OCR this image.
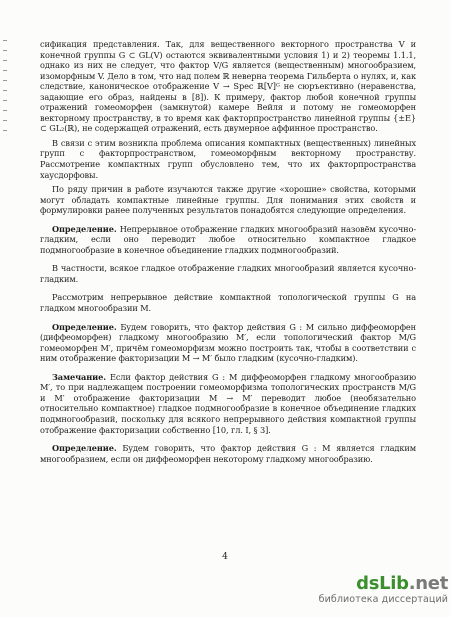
сификация представления. Так, для вещественного векторного пространства V и конечной группы G ⊂ GL(V) остаются эквивалентными условия 1) и 2) теоремы 1.1.1, однако из них не следует, что фактор V/G является (вещественным) многообразием, изоморфным V. Дело в том, что над полем ℝ неверна теорема Гильберта о нулях, и, как следствие, каноническое отображение V → Spec ℝ[V]ᴳ не сюръективно (неравенства, задающие его образ, найдены в [8]). К примеру, фактор любой конечной группы отражений гомеоморфен (замкнутой) камере Вейля и потому не гомеоморфен векторному пространству, в то время как факторпространство линейной группы {±E} ⊂ GL₂(ℝ), не содержащей отражений, есть двумерное аффинное пространство.

В связи с этим возникла проблема описания компактных (вещественных) линейных групп с факторпространством, гомеоморфным векторному пространству. Рассмотрение компактных групп обусловлено тем, что их факторпространства хаусдорфовы.

По ряду причин в работе изучаются также другие «хорошие» свойства, которыми могут обладать компактные линейные группы. Для понимания этих свойств и формулировки ранее полученных результатов понадобятся следующие определения.

Определение. Непрерывное отображение гладких многообразий назовём кусочно-гладким, если оно переводит любое относительно компактное гладкое подмногообразие в конечное объединение гладких подмногообразий.

В частности, всякое гладкое отображение гладких многообразий является кусочно-гладким.

Рассмотрим непрерывное действие компактной топологической группы G на гладком многообразии M.

Определение. Будем говорить, что фактор действия G : M сильно диффеоморфен (диффеоморфен) гладкому многообразию M′, если топологический фактор M/G гомеоморфен M′, причём гомеоморфизм можно построить так, чтобы в соответствии с ним отображение факторизации M → M′ было гладким (кусочно-гладким).

Замечание. Если фактор действия G : M диффеоморфен гладкому многообразию M′, то при надлежащем построении гомеоморфизма топологических пространств M/G и M′ отображение факторизации M → M′ переводит любое (необязательно относительно компактное) гладкое подмногообразие в конечное объединение гладких подмногообразий, поскольку для всякого непрерывного действия компактной группы отображение факторизации собственно [10, гл. I, § 3].

Определение. Будем говорить, что фактор действия G : M является гладким многообразием, если он диффеоморфен некоторому гладкому многообразию.

4
dsLib.net
библиотека диссертаций
